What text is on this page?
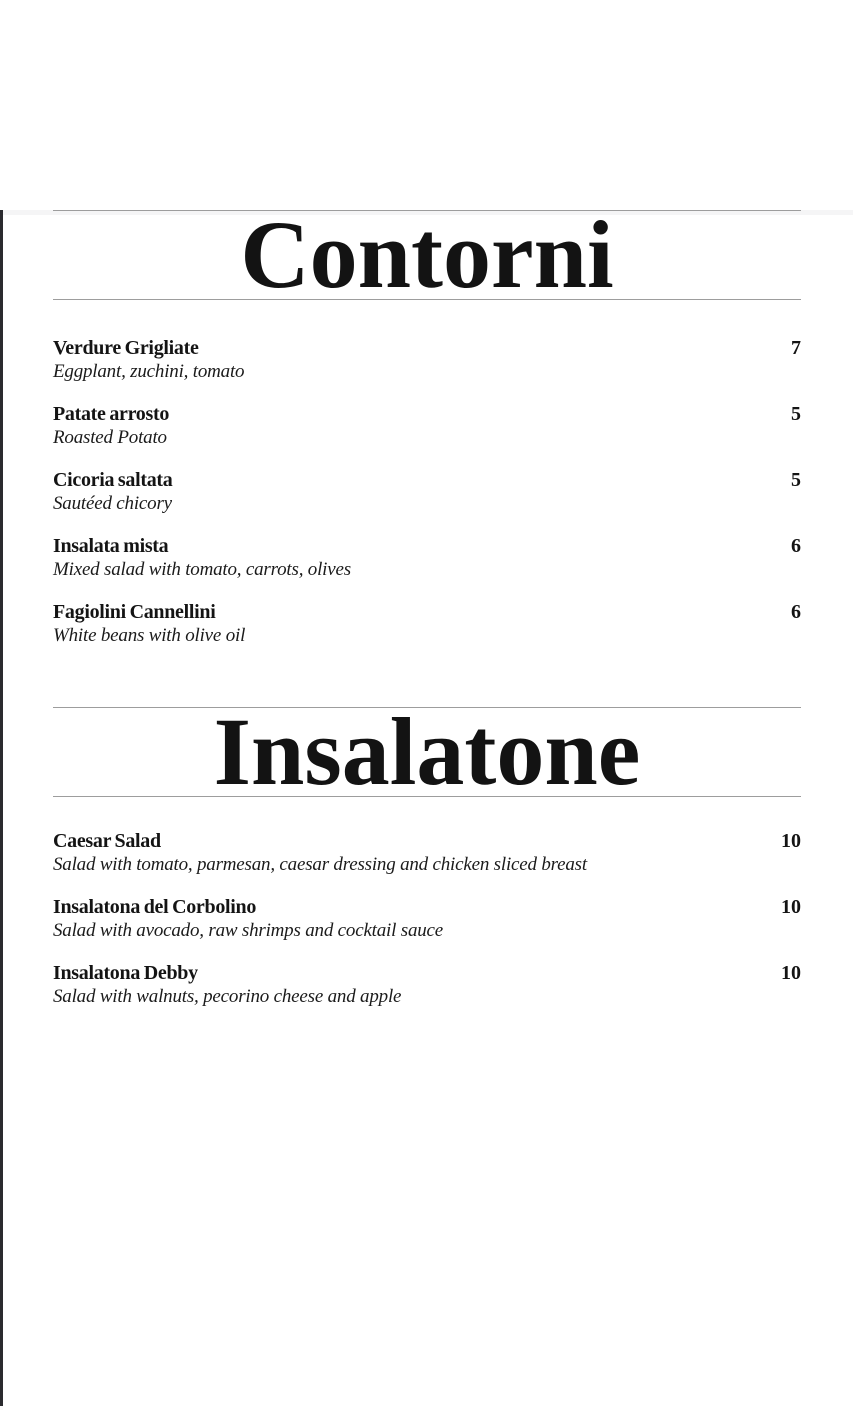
Contorni
Verdure Grigliate	7
Eggplant, zuchini, tomato
Patate arrosto	5
Roasted Potato
Cicoria saltata	5
Sautéed chicory
Insalata mista	6
Mixed salad with tomato, carrots, olives
Fagiolini Cannellini	6
White beans with olive oil
Insalatone
Caesar Salad	10
Salad with tomato, parmesan, caesar dressing and chicken sliced breast
Insalatona del Corbolino	10
Salad with avocado, raw shrimps and cocktail sauce
Insalatona Debby	10
Salad with walnuts, pecorino cheese and apple
